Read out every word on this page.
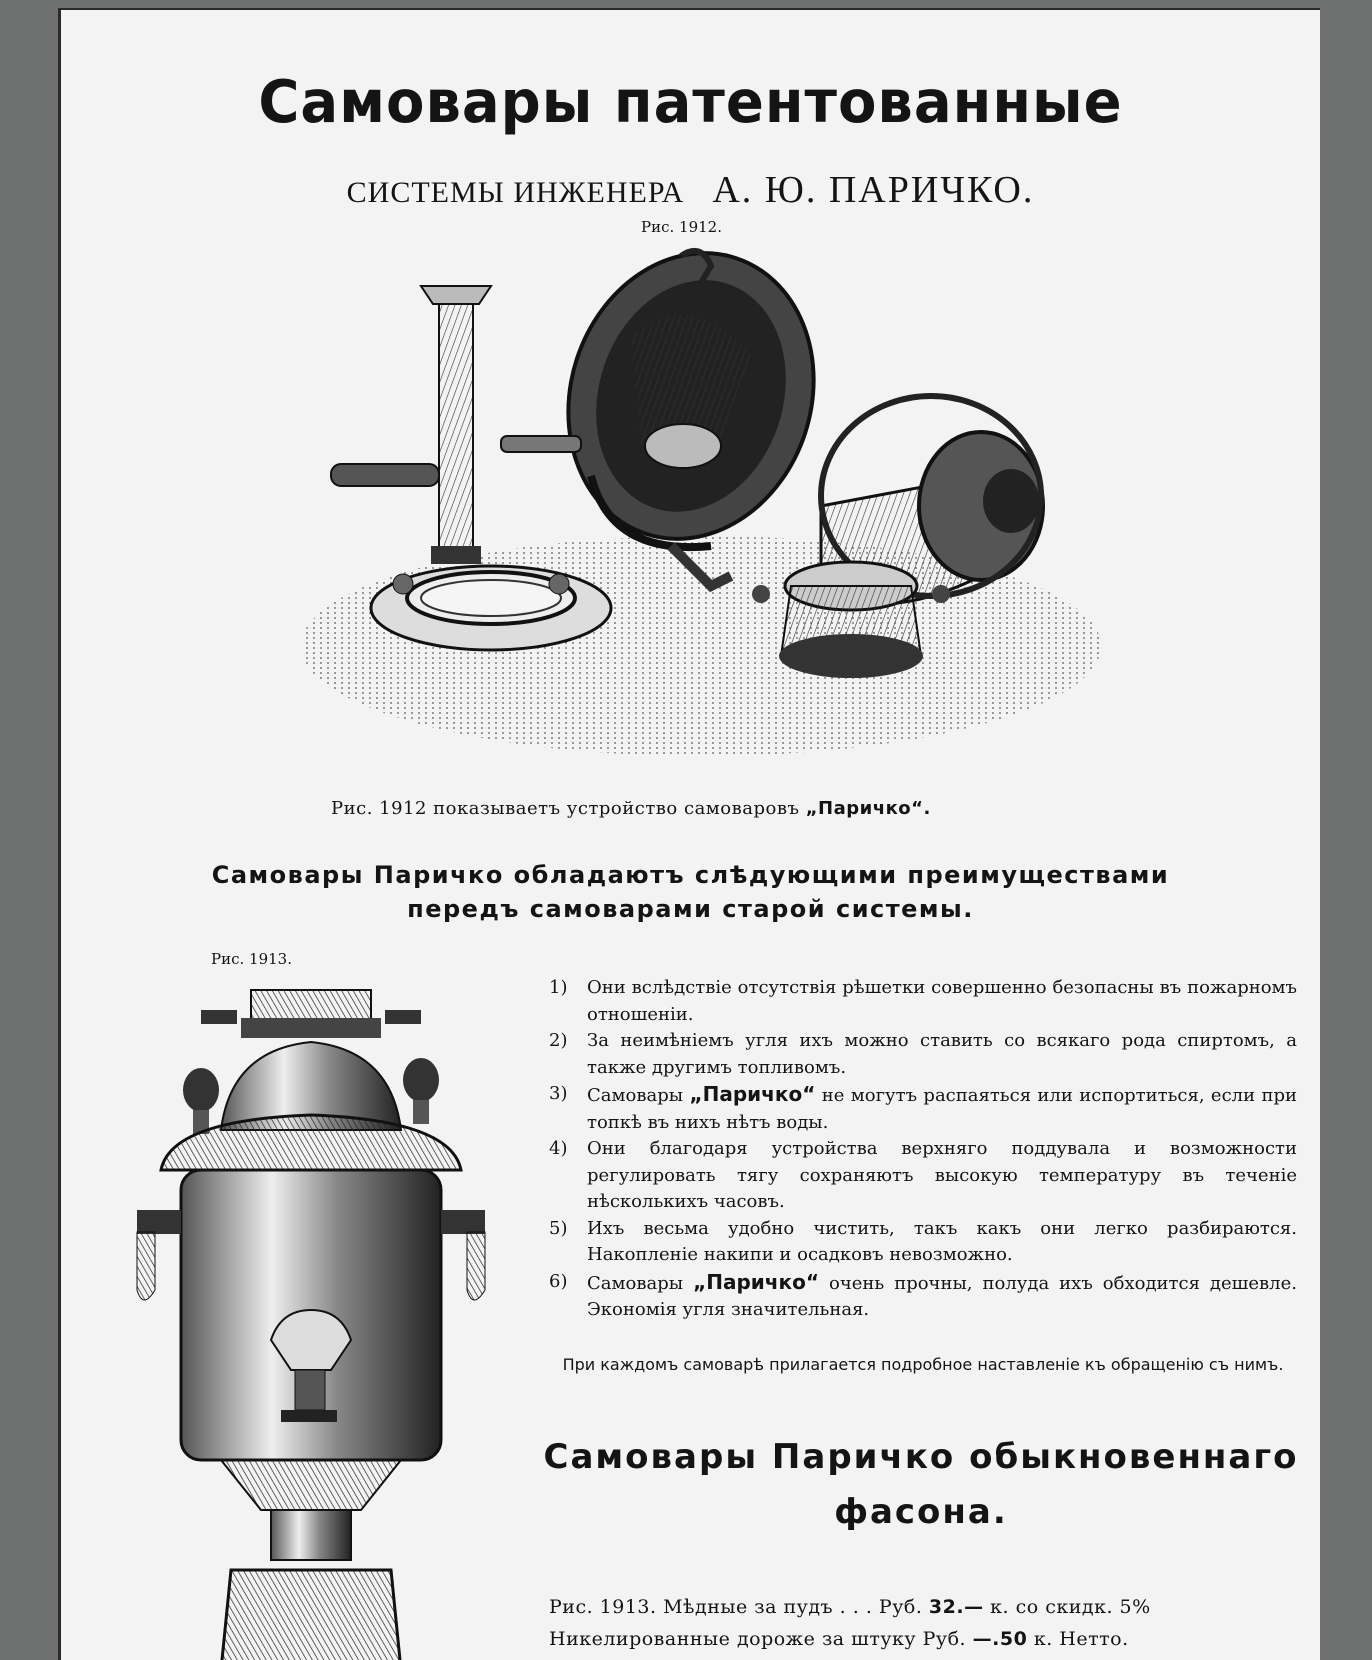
Самовары патентованные
СИСТЕМЫ ИНЖЕНЕРА А. Ю. ПАРИЧКО.
Рис. 1912.
Рис. 1912 показываетъ устройство самоваровъ „Паричко“.
Самовары Паричко обладаютъ слѣдующими преимуществами
передъ самоварами старой системы.
Рис. 1913.
1)	Они вслѣдствіе отсутствія рѣшетки совершенно безопасны въ пожарномъ отношеніи.
2)	За неимѣніемъ угля ихъ можно ставить со всякаго рода спиртомъ, а также другимъ топливомъ.
3)	Самовары „Паричко“ не могутъ распаяться или испортиться, если при топкѣ въ нихъ нѣтъ воды.
4)	Они благодаря устройства верхняго поддувала и возможности регулировать тягу сохраняютъ высокую температуру въ теченіе нѣсколькихъ часовъ.
5)	Ихъ весьма удобно чистить, такъ какъ они легко разбираются. Накопленіе накипи и осадковъ невозможно.
6)	Самовары „Паричко“ очень прочны, полуда ихъ обходится дешевле. Экономія угля значительная.
При каждомъ самоварѣ прилагается подробное наставленіе къ обращенію съ нимъ.
Самовары Паричко обыкновеннаго фасона.
Рис. 1913. Мѣдные за пудъ . . . Руб. 32.— к. со скидк. 5%
Никелированные дороже за штуку Руб. —.50 к. Нетто.
